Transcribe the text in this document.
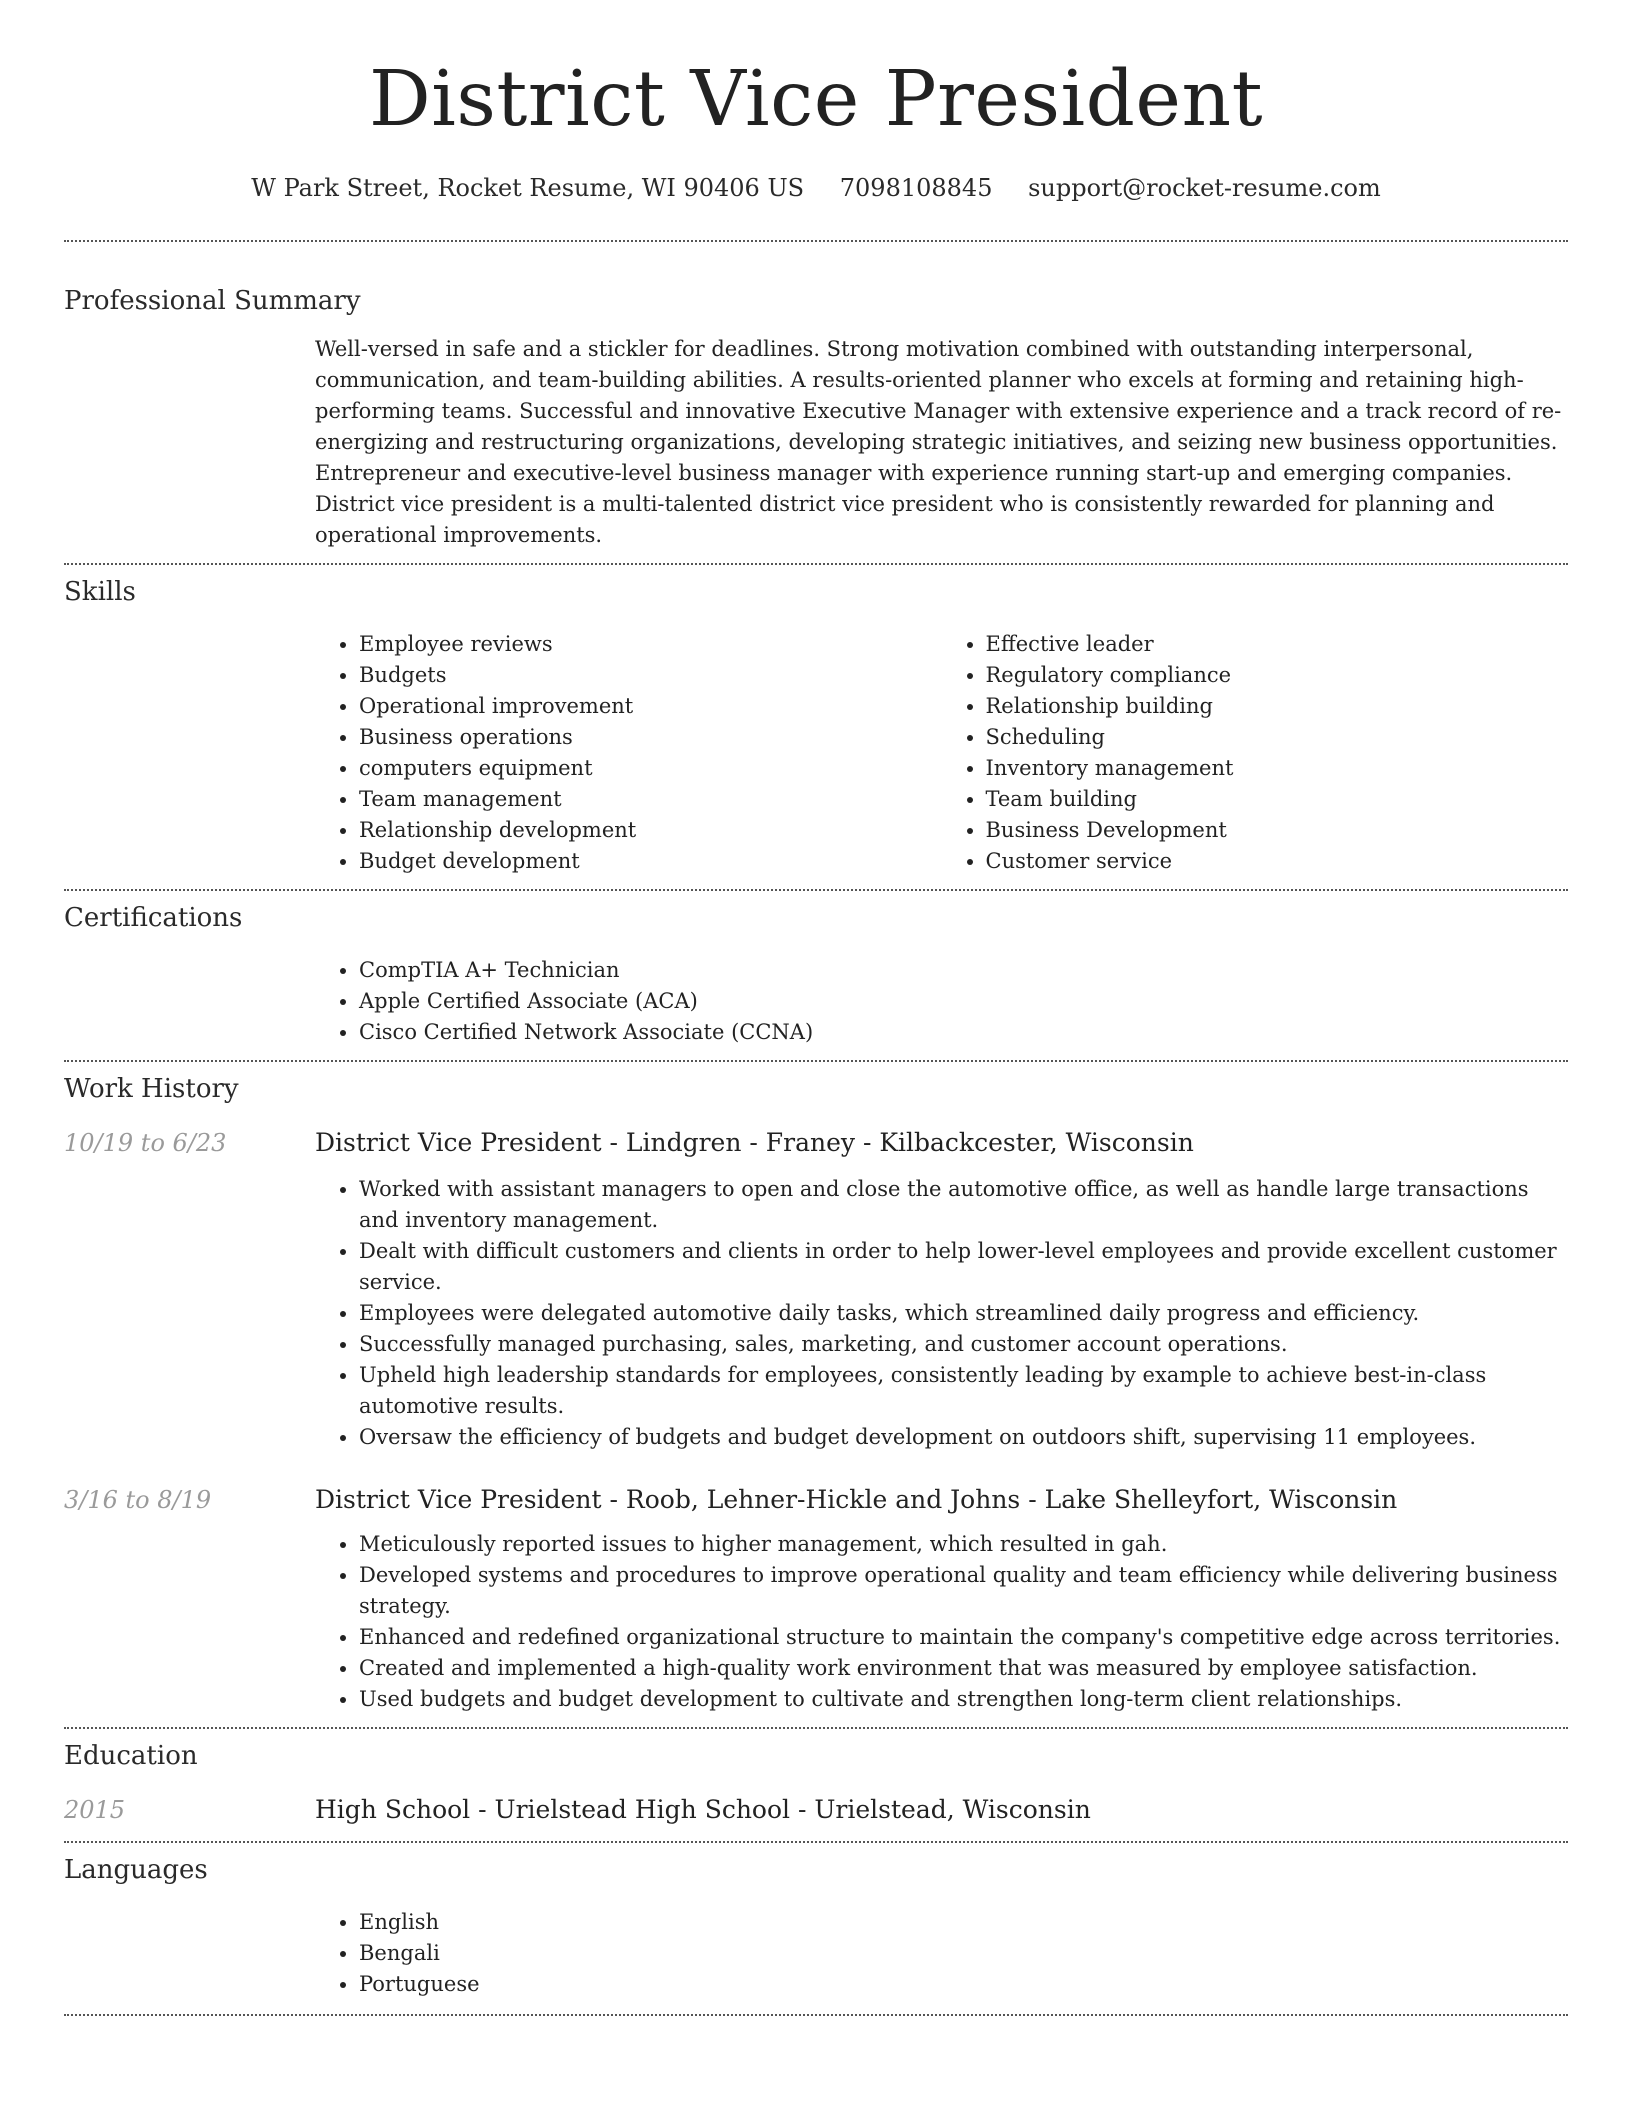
District Vice President
W Park Street, Rocket Resume, WI 90406 US 7098108845 support@rocket-resume.com
Professional Summary

Well-versed in safe and a stickler for deadlines. Strong motivation combined with outstanding interpersonal, communication, and team-building abilities. A results-oriented planner who excels at forming and retaining high-performing teams. Successful and innovative Executive Manager with extensive experience and a track record of re-energizing and restructuring organizations, developing strategic initiatives, and seizing new business opportunities. Entrepreneur and executive-level business manager with experience running start-up and emerging companies. District vice president is a multi-talented district vice president who is consistently rewarded for planning and operational improvements.

Skills
• Employee reviews
• Budgets
• Operational improvement
• Business operations
• computers equipment
• Team management
• Relationship development
• Budget development
• Effective leader
• Regulatory compliance
• Relationship building
• Scheduling
• Inventory management
• Team building
• Business Development
• Customer service
Certifications
• CompTIA A+ Technician
• Apple Certified Associate (ACA)
• Cisco Certified Network Associate (CCNA)
Work History
10/19 to 6/23	District Vice President - Lindgren - Franey - Kilbackcester, Wisconsin
• Worked with assistant managers to open and close the automotive office, as well as handle large transactions and inventory management.
• Dealt with difficult customers and clients in order to help lower-level employees and provide excellent customer service.
• Employees were delegated automotive daily tasks, which streamlined daily progress and efficiency.
• Successfully managed purchasing, sales, marketing, and customer account operations.
• Upheld high leadership standards for employees, consistently leading by example to achieve best-in-class automotive results.
• Oversaw the efficiency of budgets and budget development on outdoors shift, supervising 11 employees.
3/16 to 8/19	District Vice President - Roob, Lehner-Hickle and Johns - Lake Shelleyfort, Wisconsin
• Meticulously reported issues to higher management, which resulted in gah.
• Developed systems and procedures to improve operational quality and team efficiency while delivering business strategy.
• Enhanced and redefined organizational structure to maintain the company's competitive edge across territories.
• Created and implemented a high-quality work environment that was measured by employee satisfaction.
• Used budgets and budget development to cultivate and strengthen long-term client relationships.
Education
2015	High School - Urielstead High School - Urielstead, Wisconsin
Languages
• English
• Bengali
• Portuguese
